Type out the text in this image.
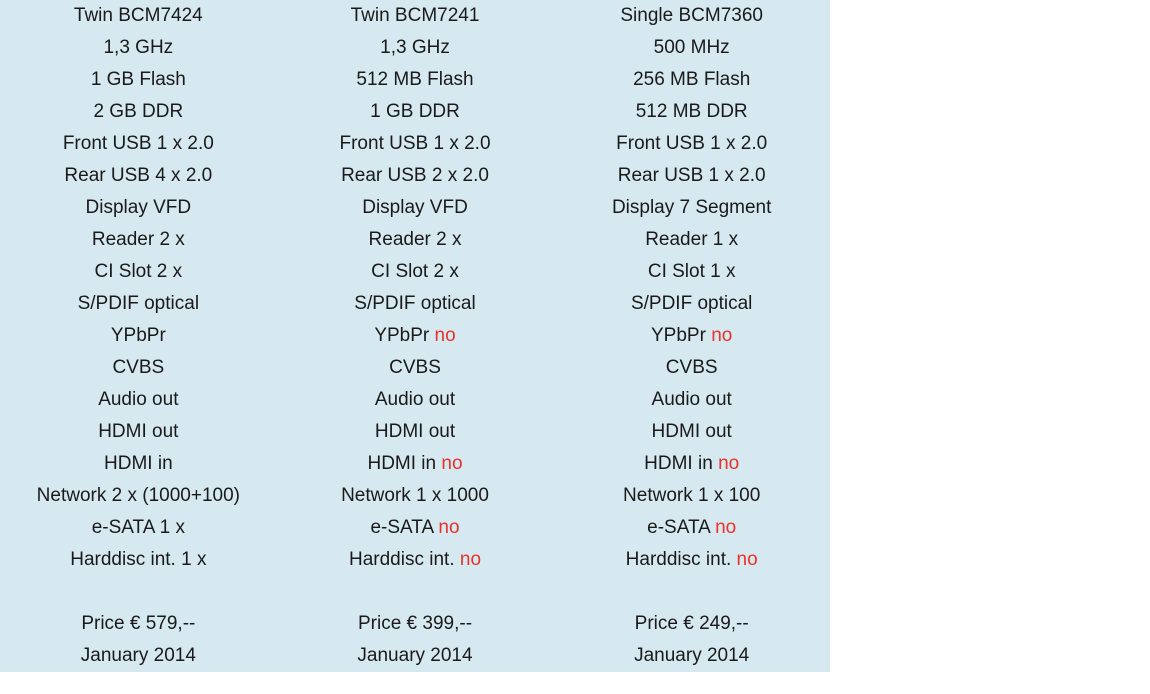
Twin BCM7424
1,3 GHz
1 GB Flash
2 GB DDR
Front USB 1 x 2.0
Rear USB 4 x 2.0
Display VFD
Reader 2 x
CI Slot 2 x
S/PDIF optical
YPbPr
CVBS
Audio out
HDMI out
HDMI in
Network 2 x (1000+100)
e-SATA 1 x
Harddisc int. 1 x
Price € 579,--
January 2014
Twin BCM7241
1,3 GHz
512 MB Flash
1 GB DDR
Front USB 1 x 2.0
Rear USB 2 x 2.0
Display VFD
Reader 2 x
CI Slot 2 x
S/PDIF optical
YPbPr no
CVBS
Audio out
HDMI out
HDMI in no
Network 1 x 1000
e-SATA no
Harddisc int. no
Price € 399,--
January 2014
Single BCM7360
500 MHz
256 MB Flash
512 MB DDR
Front USB 1 x 2.0
Rear USB 1 x 2.0
Display 7 Segment
Reader 1 x
CI Slot 1 x
S/PDIF optical
YPbPr no
CVBS
Audio out
HDMI out
HDMI in no
Network 1 x 100
e-SATA no
Harddisc int. no
Price € 249,--
January 2014
